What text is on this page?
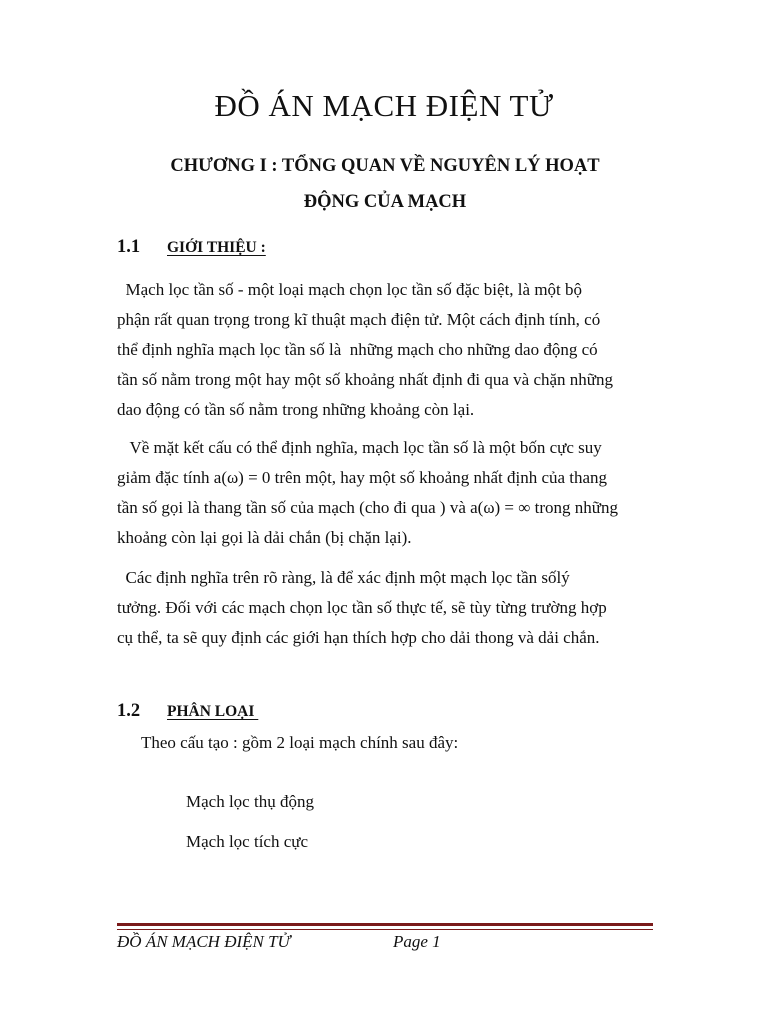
ĐỒ ÁN MẠCH ĐIỆN TỬ
CHƯƠNG I : TỔNG QUAN VỀ NGUYÊN LÝ HOẠT
ĐỘNG CỦA MẠCH
1.1 GIỚI THIỆU :
Mạch lọc tần số - một loại mạch chọn lọc tần số đặc biệt, là một bộ
phận rất quan trọng trong kĩ thuật mạch điện tử. Một cách định tính, có
thể định nghĩa mạch lọc tần số là  những mạch cho những dao động có
tần số nằm trong một hay một số khoảng nhất định đi qua và chặn những
dao động có tần số nằm trong những khoảng còn lại.
Về mặt kết cấu có thể định nghĩa, mạch lọc tần số là một bốn cực suy
giảm đặc tính a(ω) = 0 trên một, hay một số khoảng nhất định của thang
tần số gọi là thang tần số của mạch (cho đi qua ) và a(ω) = ∞ trong những
khoảng còn lại gọi là dải chắn (bị chặn lại).
Các định nghĩa trên rõ ràng, là để xác định một mạch lọc tần sốlý
tưởng. Đối với các mạch chọn lọc tần số thực tế, sẽ tùy từng trường hợp
cụ thể, ta sẽ quy định các giới hạn thích hợp cho dải thong và dải chắn.
1.2 PHÂN LOẠI
Theo cấu tạo : gồm 2 loại mạch chính sau đây:
Mạch lọc thụ động
Mạch lọc tích cực
ĐỒ ÁN MẠCH ĐIỆN TỬ	Page 1
